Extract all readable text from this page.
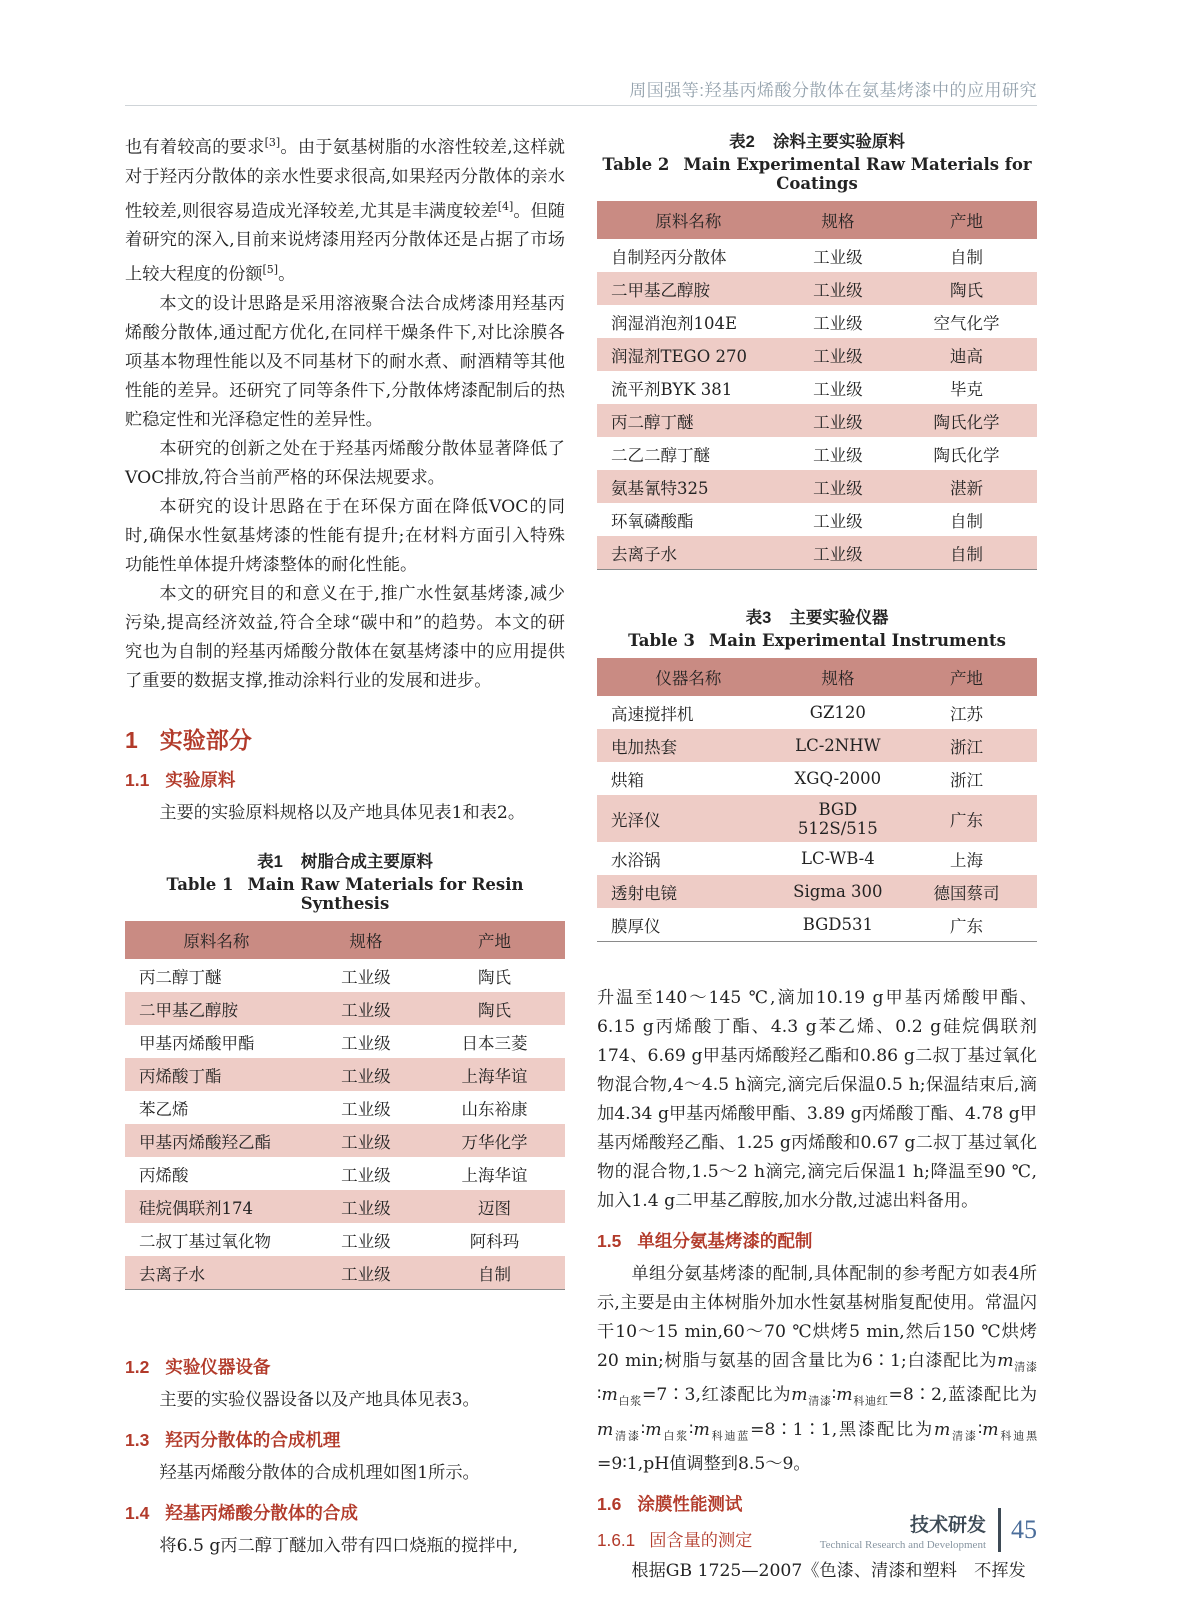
周国强等:羟基丙烯酸分散体在氨基烤漆中的应用研究

也有着较高的要求[3]。由于氨基树脂的水溶性较差,这样就对于羟丙分散体的亲水性要求很高,如果羟丙分散体的亲水性较差,则很容易造成光泽较差,尤其是丰满度较差[4]。但随着研究的深入,目前来说烤漆用羟丙分散体还是占据了市场上较大程度的份额[5]。

本文的设计思路是采用溶液聚合法合成烤漆用羟基丙烯酸分散体,通过配方优化,在同样干燥条件下,对比涂膜各项基本物理性能以及不同基材下的耐水煮、耐酒精等其他性能的差异。还研究了同等条件下,分散体烤漆配制后的热贮稳定性和光泽稳定性的差异性。

本研究的创新之处在于羟基丙烯酸分散体显著降低了VOC排放,符合当前严格的环保法规要求。

本研究的设计思路在于在环保方面在降低VOC的同时,确保水性氨基烤漆的性能有提升;在材料方面引入特殊功能性单体提升烤漆整体的耐化性能。

本文的研究目的和意义在于,推广水性氨基烤漆,减少污染,提高经济效益,符合全球“碳中和”的趋势。本文的研究也为自制的羟基丙烯酸分散体在氨基烤漆中的应用提供了重要的数据支撑,推动涂料行业的发展和进步。

1 实验部分
1.1 实验原料

主要的实验原料规格以及产地具体见表1和表2。

表1 树脂合成主要原料
Table 1 Main Raw Materials for Resin Synthesis
原料名称	规格	产地
丙二醇丁醚	工业级	陶氏
二甲基乙醇胺	工业级	陶氏
甲基丙烯酸甲酯	工业级	日本三菱
丙烯酸丁酯	工业级	上海华谊
苯乙烯	工业级	山东裕康
甲基丙烯酸羟乙酯	工业级	万华化学
丙烯酸	工业级	上海华谊
硅烷偶联剂174	工业级	迈图
二叔丁基过氧化物	工业级	阿科玛
去离子水	工业级	自制
1.2 实验仪器设备

主要的实验仪器设备以及产地具体见表3。

1.3 羟丙分散体的合成机理

羟基丙烯酸分散体的合成机理如图1所示。

1.4 羟基丙烯酸分散体的合成

将6.5 g丙二醇丁醚加入带有四口烧瓶的搅拌中,

表2 涂料主要实验原料
Table 2 Main Experimental Raw Materials for Coatings
原料名称	规格	产地
自制羟丙分散体	工业级	自制
二甲基乙醇胺	工业级	陶氏
润湿消泡剂104E	工业级	空气化学
润湿剂TEGO 270	工业级	迪高
流平剂BYK 381	工业级	毕克
丙二醇丁醚	工业级	陶氏化学
二乙二醇丁醚	工业级	陶氏化学
氨基氰特325	工业级	湛新
环氧磷酸酯	工业级	自制
去离子水	工业级	自制
表3 主要实验仪器
Table 3 Main Experimental Instruments
仪器名称	规格	产地
高速搅拌机	GZ120	江苏
电加热套	LC-2NHW	浙江
烘箱	XGQ-2000	浙江
光泽仪	BGD 512S/515	广东
水浴锅	LC-WB-4	上海
透射电镜	Sigma 300	德国蔡司
膜厚仪	BGD531	广东

升温至140～145 ℃,滴加10.19 g甲基丙烯酸甲酯、6.15 g丙烯酸丁酯、4.3 g苯乙烯、0.2 g硅烷偶联剂174、6.69 g甲基丙烯酸羟乙酯和0.86 g二叔丁基过氧化物混合物,4～4.5 h滴完,滴完后保温0.5 h;保温结束后,滴加4.34 g甲基丙烯酸甲酯、3.89 g丙烯酸丁酯、4.78 g甲基丙烯酸羟乙酯、1.25 g丙烯酸和0.67 g二叔丁基过氧化物的混合物,1.5～2 h滴完,滴完后保温1 h;降温至90 ℃,加入1.4 g二甲基乙醇胺,加水分散,过滤出料备用。

1.5 单组分氨基烤漆的配制

单组分氨基烤漆的配制,具体配制的参考配方如表4所示,主要是由主体树脂外加水性氨基树脂复配使用。常温闪干10～15 min,60～70 ℃烘烤5 min,然后150 ℃烘烤20 min;树脂与氨基的固含量比为6∶1;白漆配比为$m_{清漆}∶m_{白浆}=7∶3$,红漆配比为$m_{清漆}∶m_{科迪红}=8∶2$,蓝漆配比为$m_{清漆}∶m_{白浆}∶m_{科迪蓝}=8∶1∶1$,黑漆配比为$m_{清漆}∶m_{科迪黑}=9∶1,pH$值调整到8.5～9。

1.6 涂膜性能测试
1.6.1 固含量的测定

根据GB 1725—2007《色漆、清漆和塑料　不挥发

技术研发
Technical Research and Development
45
